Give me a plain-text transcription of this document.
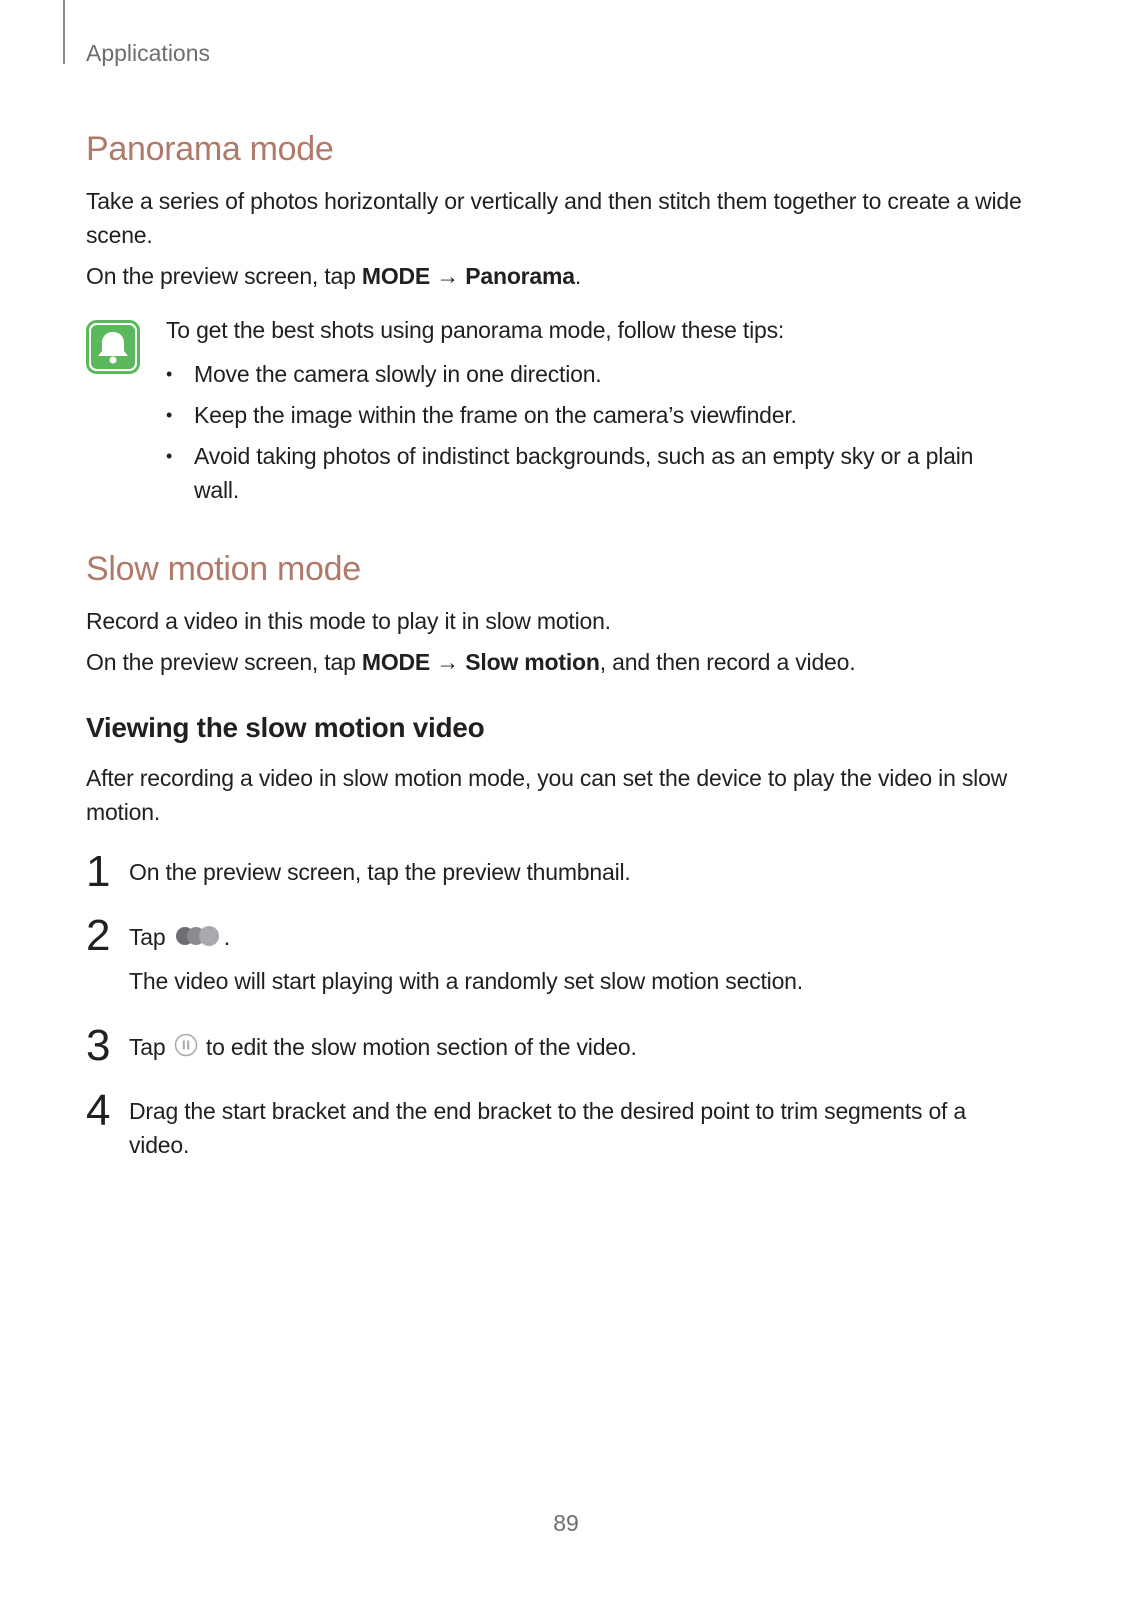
Applications
Panorama mode

Take a series of photos horizontally or vertically and then stitch them together to create a wide scene.

On the preview screen, tap MODE → Panorama.

Slow motion mode

Record a video in this mode to play it in slow motion.

On the preview screen, tap MODE → Slow motion, and then record a video.

Viewing the slow motion video

After recording a video in slow motion mode, you can set the device to play the video in slow motion.

To get the best shots using panorama mode, follow these tips:
• Move the camera slowly in one direction.
• Keep the image within the frame on the camera’s viewfinder.
• Avoid taking photos of indistinct backgrounds, such as an empty sky or a plain wall.
1 On the preview screen, tap the preview thumbnail.
2 Tap .
The video will start playing with a randomly set slow motion section.
3 Tap  to edit the slow motion section of the video.
4 Drag the start bracket and the end bracket to the desired point to trim segments of a video.
89
